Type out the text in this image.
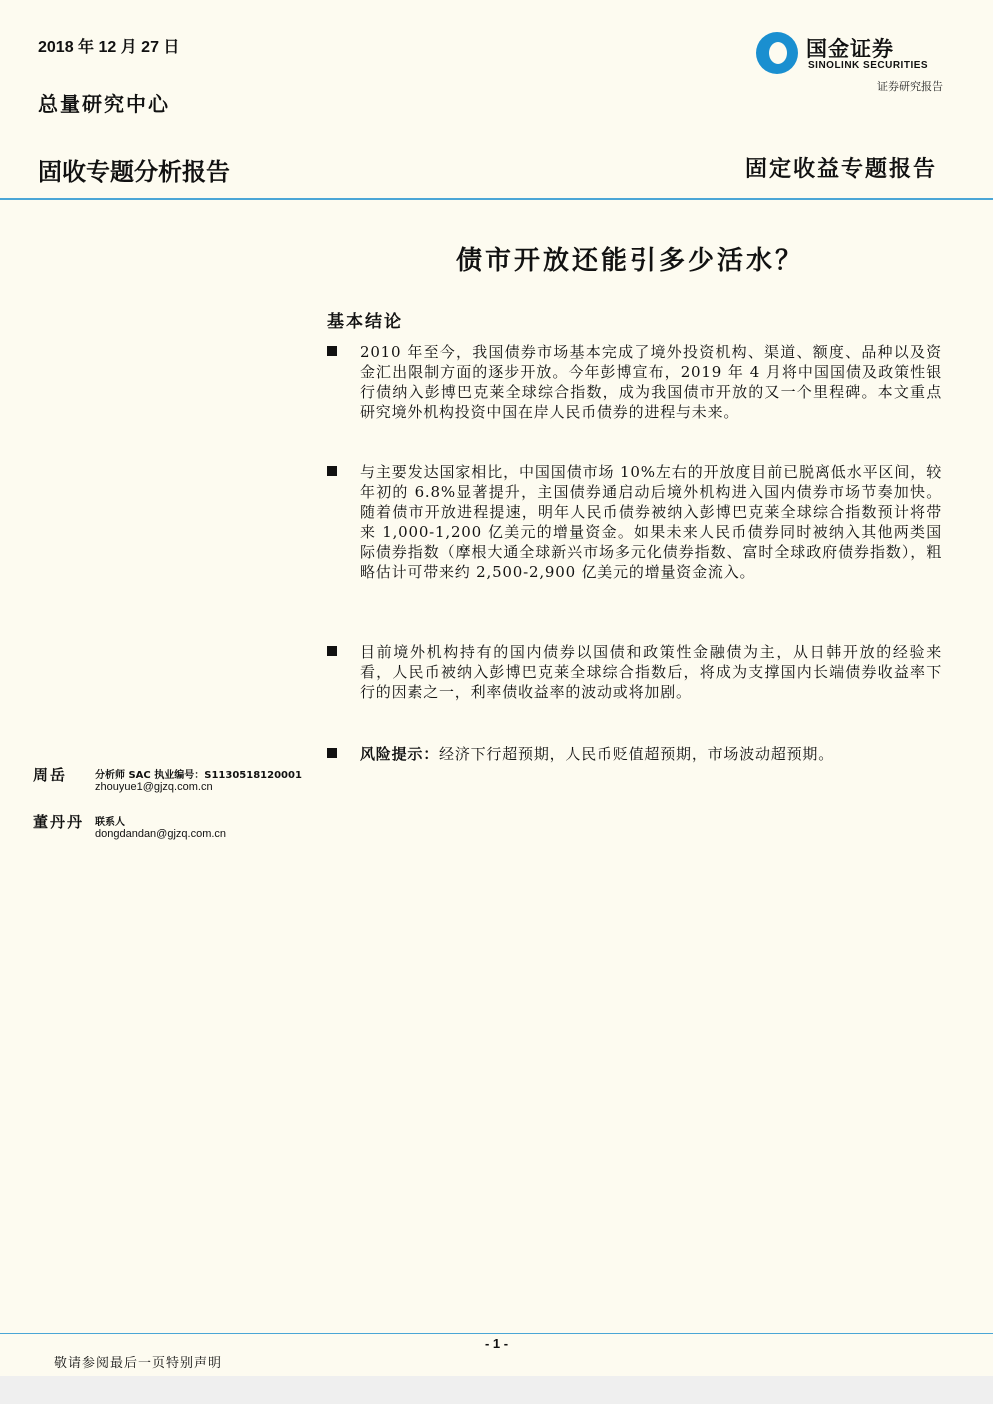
2018 年 12 月 27 日
总量研究中心
国金证券
SINOLINK SECURITIES
证券研究报告
固收专题分析报告	固定收益专题报告
债市开放还能引多少活水？
基本结论
2010 年至今，我国债券市场基本完成了境外投资机构、渠道、额度、品种以及资金汇出限制方面的逐步开放。今年彭博宣布，2019 年 4 月将中国国债及政策性银行债纳入彭博巴克莱全球综合指数，成为我国债市开放的又一个里程碑。本文重点研究境外机构投资中国在岸人民币债券的进程与未来。
与主要发达国家相比，中国国债市场 10%左右的开放度目前已脱离低水平区间，较年初的 6.8%显著提升，主国债券通启动后境外机构进入国内债券市场节奏加快。随着债市开放进程提速，明年人民币债券被纳入彭博巴克莱全球综合指数预计将带来 1,000-1,200 亿美元的增量资金。如果未来人民币债券同时被纳入其他两类国际债券指数（摩根大通全球新兴市场多元化债券指数、富时全球政府债券指数），粗略估计可带来约 2,500-2,900 亿美元的增量资金流入。
目前境外机构持有的国内债券以国债和政策性金融债为主，从日韩开放的经验来看，人民币被纳入彭博巴克莱全球综合指数后，将成为支撑国内长端债券收益率下行的因素之一，利率债收益率的波动或将加剧。
风险提示：经济下行超预期，人民币贬值超预期，市场波动超预期。
周岳	分析师 SAC 执业编号：S1130518120001
zhouyue1@gjzq.com.cn
董丹丹 联系人
dongdandan@gjzq.com.cn
- 1 -
敬请参阅最后一页特别声明
